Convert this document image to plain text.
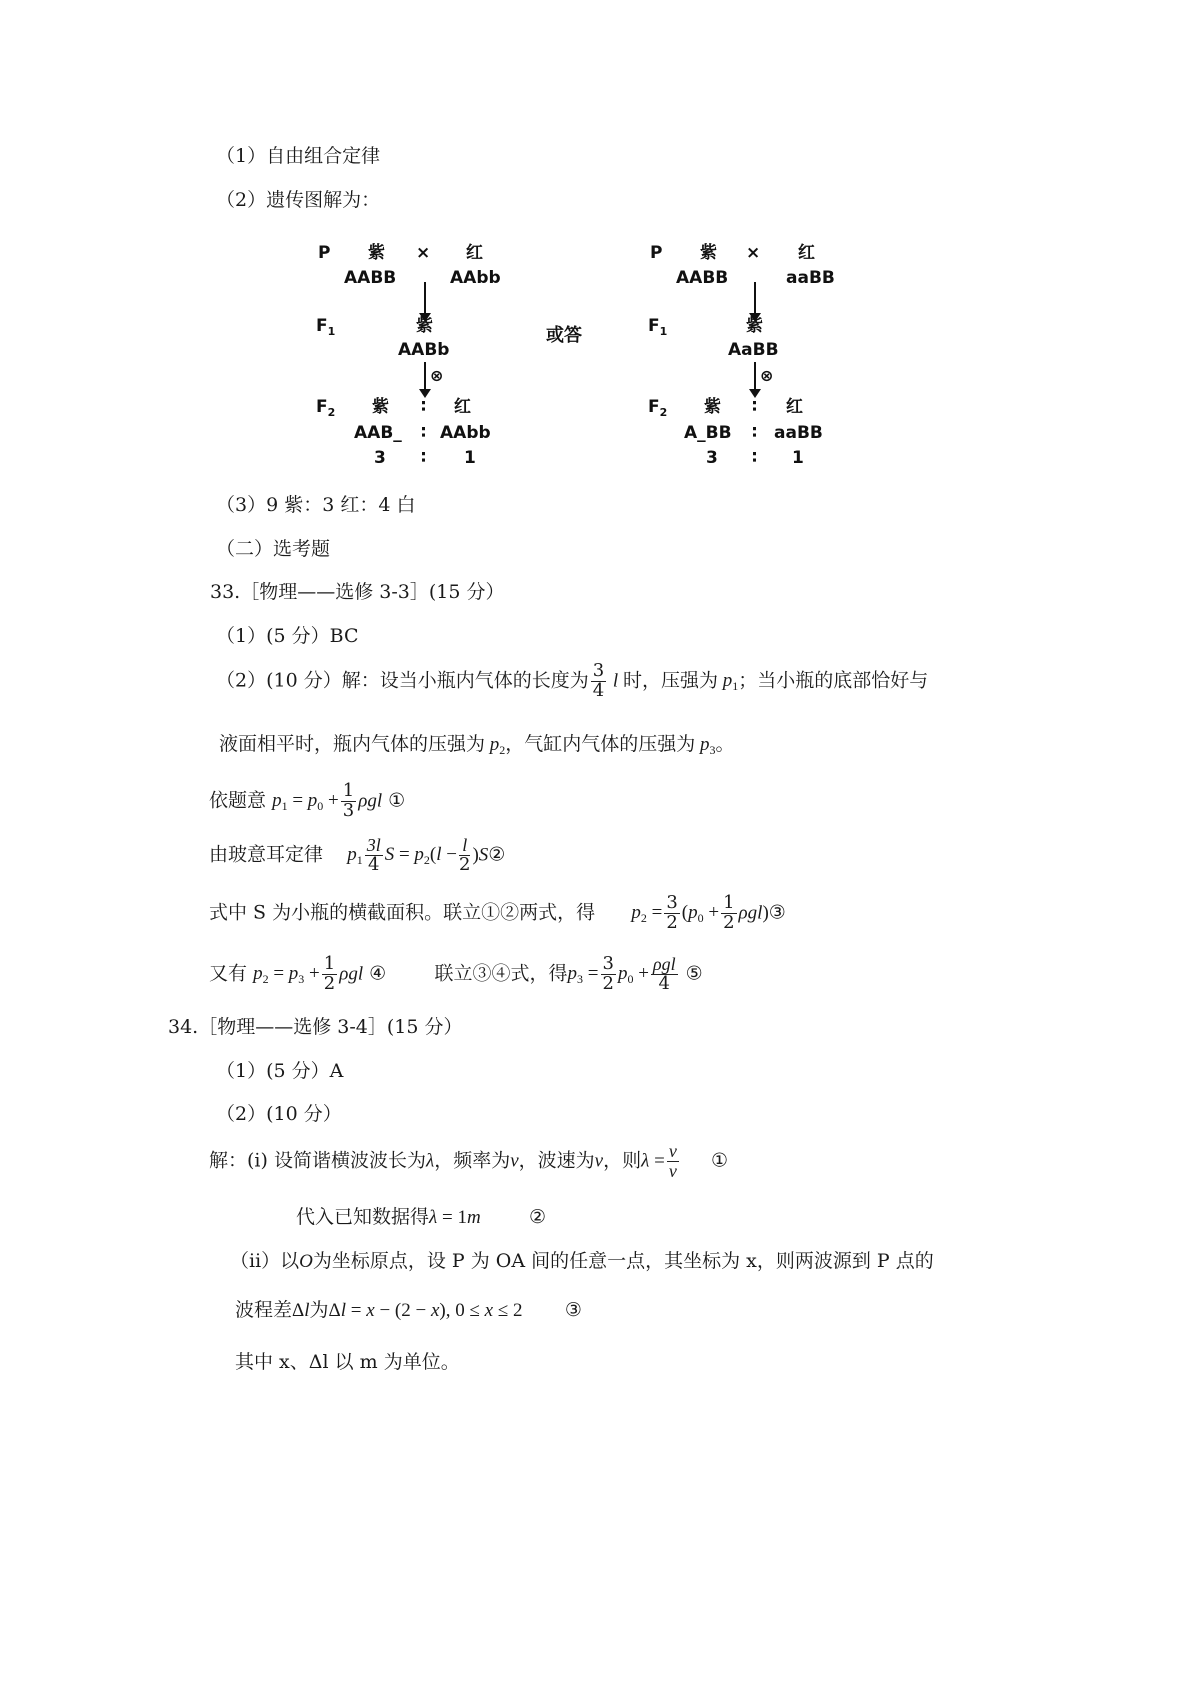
（1）自由组合定律
（2）遗传图解为：
P 紫 × 红
AABB	AAbb
$F_1$	紫
AABb
⊗
$F_2$ 紫 ∶ 红
AAB_ ∶ AAbb
3 ∶ 1
或答
P 紫 × 红
AABB	aaBB
$F_1$	紫
AaBB
⊗
$F_2$ 紫 ∶ 红
A_BB ∶ aaBB
3 ∶ 1
（3）9 紫：3 红：4 白
（二）选考题
33.［物理——选修 3-3］(15 分）
（1）(5 分）BC
（2）(10 分）解：设当小瓶内气体的长度为 $\frac{3}{4}$ l 时，压强为 $p_1$；当小瓶的底部恰好与
液面相平时，瓶内气体的压强为 $p_2$，气缸内气体的压强为 $p_3$。
依题意 $p_1 = p_0 + \frac{1}{3}$ ρgl ①
由玻意耳定律 $p_1 \frac{3l}{4}$ $S = p_2(l - \frac{l}{2}$ )S②
式中 S 为小瓶的横截面积。联立①②两式，得 $p_2 = \frac{3}{2} (p_0 + \frac{1}{2}$ ρgl)③
又有 $p_2 = p_3 + \frac{1}{2}$ ρgl ④	联立③④式，得$p_3 = \frac{3}{2} p_0 + \frac{\text{ρgl}}{4}$ ⑤
34.［物理——选修 3-4］(15 分）
（1）(5 分）A
（2）(10 分）
解：(ⅰ) 设简谐横波波长为λ，频率为ν，波速为v，则$\lambda = \frac{v}{\nu}$ ①
代入已知数据得λ = 1m	②
（ⅱ）以O为坐标原点，设 P 为 OA 间的任意一点，其坐标为 x，则两波源到 P 点的
波程差Δl为Δl = x − (2 − x), 0 ≤ x ≤ 2 ③
其中 x、Δl 以 m 为单位。
